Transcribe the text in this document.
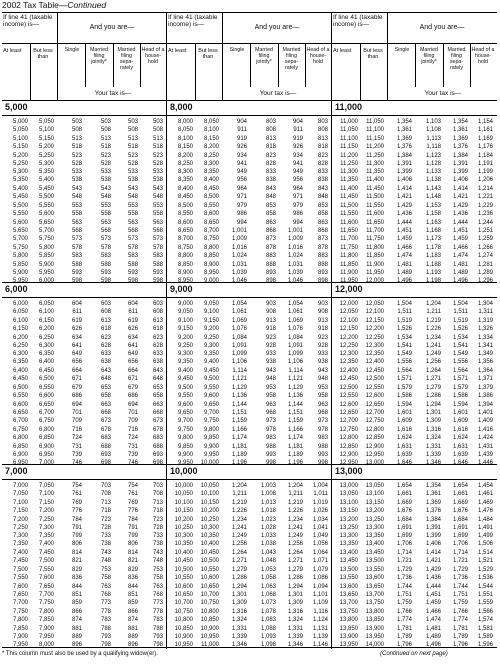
2002 Tax Table—Continued
If line 41 (taxable income) is—	And you are—
At least But less than
Single	Married filing jointly*
Married filing sepa-rately
Head of a house-hold
Your tax is—
5,000
5,000	5,050	503	503	503	503
5,050	5,100	508	508	508	508
5,100	5,150	513	513	513	513
5,150	5,200	518	518	518	518
5,200	5,250	523	523	523	523
5,250	5,300	528	528	528	528
5,300	5,350	533	533	533	533
5,350	5,400	538	538	538	538
5,400	5,450	543	543	543	543
5,450	5,500	548	548	548	548
5,500	5,550	553	553	553	553
5,550	5,600	558	558	558	558
5,600	5,650	563	563	563	563
5,650	5,700	568	568	568	568
5,700	5,750	573	573	573	573
5,750	5,800	578	578	578	578
5,800	5,850	583	583	583	583
5,850	5,900	588	588	588	588
5,900	5,950	593	593	593	593
5,950	6,000	598	598	598	598
6,000
6,000	6,050	604	603	604	603
6,050	6,100	611	608	611	608
6,100	6,150	619	613	619	613
6,150	6,200	626	618	626	618
6,200	6,250	634	623	634	623
6,250	6,300	641	628	641	628
6,300	6,350	649	633	649	633
6,350	6,400	656	638	656	638
6,400	6,450	664	643	664	643
6,450	6,500	671	648	671	648
6,500	6,550	679	653	679	653
6,550	6,600	686	658	686	658
6,600	6,650	694	663	694	663
6,650	6,700	701	668	701	668
6,700	6,750	709	673	709	673
6,750	6,800	716	678	716	678
6,800	6,850	724	683	724	683
6,850	6,900	731	688	731	688
6,900	6,950	739	693	739	693
6,950	7,000	746	698	746	698
7,000
7,000	7,050	754	703	754	703
7,050	7,100	761	708	761	708
7,100	7,150	769	713	769	713
7,150	7,200	776	718	776	718
7,200	7,250	784	723	784	723
7,250	7,300	791	728	791	728
7,300	7,350	799	733	799	733
7,350	7,400	806	738	806	738
7,400	7,450	814	743	814	743
7,450	7,500	821	748	821	748
7,500	7,550	829	753	829	753
7,550	7,600	836	758	836	758
7,600	7,650	844	763	844	763
7,650	7,700	851	768	851	768
7,700	7,750	859	773	859	773
7,750	7,800	866	778	866	778
7,800	7,850	874	783	874	783
7,850	7,900	881	788	881	788
7,900	7,950	889	793	889	793
7,950	8,000	896	798	896	798
If line 41 (taxable income) is—	And you are—
At least But less than
Single	Married filing jointly*
Married filing sepa-rately
Head of a house-hold
Your tax is—
8,000
8,000	8,050	904	803	904	803
8,050	8,100	911	808	911	808
8,100	8,150	919	813	919	813
8,150	8,200	926	818	926	818
8,200	8,250	934	823	934	823
8,250	8,300	941	828	941	828
8,300	8,350	949	833	949	833
8,350	8,400	956	838	956	838
8,400	8,450	964	843	964	843
8,450	8,500	971	848	971	848
8,500	8,550	979	853	979	853
8,550	8,600	986	858	986	858
8,600	8,650	994	863	994	863
8,650	8,700	1,001	868	1,001	868
8,700	8,750	1,009	873	1,009	873
8,750	8,800	1,016	878	1,016	878
8,800	8,850	1,024	883	1,024	883
8,850	8,900	1,031	888	1,031	888
8,900	8,950	1,039	893	1,039	893
8,950	9,000	1,046	898	1,046	898
9,000
9,000	9,050	1,054	903	1,054	903
9,050	9,100	1,061	908	1,061	908
9,100	9,150	1,069	913	1,069	913
9,150	9,200	1,076	918	1,076	918
9,200	9,250	1,084	923	1,084	923
9,250	9,300	1,091	928	1,091	928
9,300	9,350	1,099	933	1,099	933
9,350	9,400	1,106	938	1,106	938
9,400	9,450	1,114	943	1,114	943
9,450	9,500	1,121	948	1,121	948
9,500	9,550	1,129	953	1,129	953
9,550	9,600	1,136	958	1,136	958
9,600	9,650	1,144	963	1,144	963
9,650	9,700	1,151	968	1,151	968
9,700	9,750	1,159	973	1,159	973
9,750	9,800	1,166	978	1,166	978
9,800	9,850	1,174	983	1,174	983
9,850	9,900	1,181	988	1,181	988
9,900	9,950	1,189	993	1,189	993
9,950	10,000	1,196	998	1,196	998
10,000
10,000	10,050	1,204	1,003	1,204	1,004
10,050	10,100	1,211	1,008	1,211	1,011
10,100	10,150	1,219	1,013	1,219	1,019
10,150	10,200	1,226	1,018	1,226	1,026
10,200	10,250	1,234	1,023	1,234	1,034
10,250	10,300	1,241	1,028	1,241	1,041
10,300	10,350	1,249	1,033	1,249	1,049
10,350	10,400	1,256	1,038	1,256	1,056
10,400	10,450	1,264	1,043	1,264	1,064
10,450	10,500	1,271	1,048	1,271	1,071
10,500	10,550	1,279	1,053	1,279	1,079
10,550	10,600	1,286	1,058	1,286	1,086
10,600	10,650	1,294	1,063	1,294	1,094
10,650	10,700	1,301	1,068	1,301	1,101
10,700	10,750	1,309	1,073	1,309	1,109
10,750	10,800	1,316	1,078	1,316	1,116
10,800	10,850	1,324	1,083	1,324	1,124
10,850	10,900	1,331	1,088	1,331	1,131
10,900	10,950	1,339	1,093	1,339	1,139
10,950	11,000	1,346	1,098	1,346	1,146
If line 41 (taxable income) is—	And you are—
At least But less than
Single	Married filing jointly*
Married filing sepa-rately
Head of a house-hold
Your tax is—
11,000
11,000	11,050	1,354	1,103	1,354	1,154
11,050	11,100	1,361	1,108	1,361	1,161
11,100	11,150	1,369	1,113	1,369	1,169
11,150	11,200	1,376	1,118	1,376	1,176
11,200	11,250	1,384	1,123	1,384	1,184
11,250	11,300	1,391	1,128	1,391	1,191
11,300	11,350	1,399	1,133	1,399	1,199
11,350	11,400	1,406	1,138	1,406	1,206
11,400	11,450	1,414	1,143	1,414	1,214
11,450	11,500	1,421	1,148	1,421	1,221
11,500	11,550	1,429	1,153	1,429	1,229
11,550	11,600	1,436	1,158	1,436	1,236
11,600	11,650	1,444	1,163	1,444	1,244
11,650	11,700	1,451	1,168	1,451	1,251
11,700	11,750	1,459	1,173	1,459	1,259
11,750	11,800	1,466	1,178	1,466	1,266
11,800	11,850	1,474	1,183	1,474	1,274
11,850	11,900	1,481	1,188	1,481	1,281
11,900	11,950	1,489	1,193	1,489	1,289
11,950	12,000	1,496	1,198	1,496	1,296
12,000
12,000	12,050	1,504	1,204	1,504	1,304
12,050	12,100	1,511	1,211	1,511	1,311
12,100	12,150	1,519	1,219	1,519	1,319
12,150	12,200	1,526	1,226	1,526	1,326
12,200	12,250	1,534	1,234	1,534	1,334
12,250	12,300	1,541	1,241	1,541	1,341
12,300	12,350	1,549	1,249	1,549	1,349
12,350	12,400	1,556	1,256	1,556	1,356
12,400	12,450	1,564	1,264	1,564	1,364
12,450	12,500	1,571	1,271	1,571	1,371
12,500	12,550	1,579	1,279	1,579	1,379
12,550	12,600	1,586	1,286	1,586	1,386
12,600	12,650	1,594	1,294	1,594	1,394
12,650	12,700	1,601	1,301	1,601	1,401
12,700	12,750	1,609	1,309	1,609	1,409
12,750	12,800	1,616	1,316	1,616	1,416
12,800	12,850	1,624	1,324	1,624	1,424
12,850	12,900	1,631	1,331	1,631	1,431
12,900	12,950	1,639	1,339	1,639	1,439
12,950	13,000	1,646	1,346	1,646	1,446
13,000
13,000	13,050	1,654	1,354	1,654	1,454
13,050	13,100	1,661	1,361	1,661	1,461
13,100	13,150	1,669	1,369	1,669	1,469
13,150	13,200	1,676	1,376	1,676	1,476
13,200	13,250	1,684	1,384	1,684	1,484
13,250	13,300	1,691	1,391	1,691	1,491
13,300	13,350	1,699	1,399	1,699	1,499
13,350	13,400	1,706	1,406	1,706	1,506
13,400	13,450	1,714	1,414	1,714	1,514
13,450	13,500	1,721	1,421	1,721	1,521
13,500	13,550	1,729	1,429	1,729	1,529
13,550	13,600	1,736	1,436	1,736	1,536
13,600	13,650	1,744	1,444	1,744	1,544
13,650	13,700	1,751	1,451	1,751	1,551
13,700	13,750	1,759	1,459	1,759	1,559
13,750	13,800	1,766	1,466	1,766	1,566
13,800	13,850	1,774	1,474	1,774	1,574
13,850	13,900	1,781	1,481	1,781	1,581
13,900	13,950	1,789	1,489	1,789	1,589
13,950	14,000	1,796	1,496	1,796	1,596
* This column must also be used by a qualifying widow(er).	(Continued on next page)
